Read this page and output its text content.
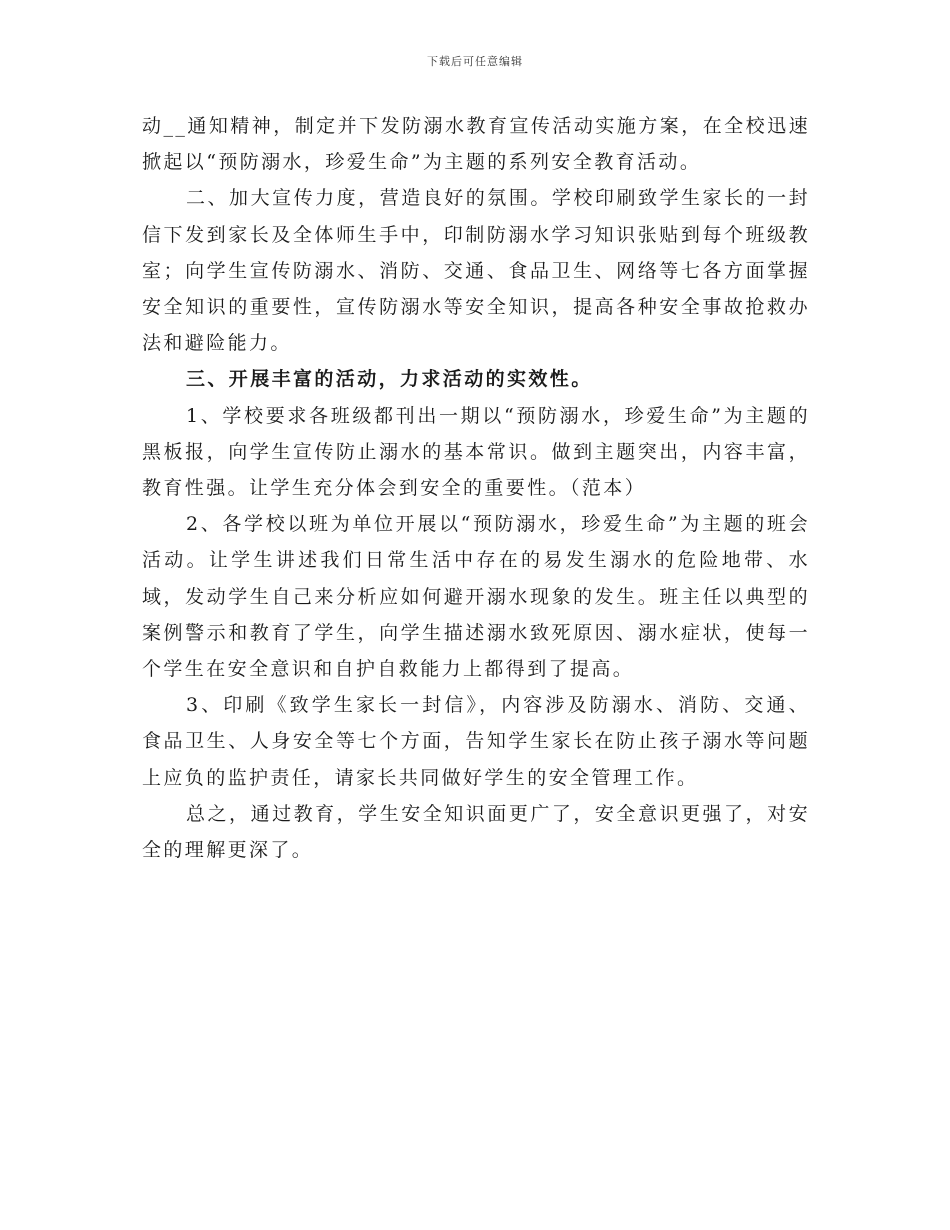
下载后可任意编辑

动__通知精神，制定并下发防溺水教育宣传活动实施方案，在全校迅速掀起以“预防溺水，珍爱生命”为主题的系列安全教育活动。

二、加大宣传力度，营造良好的氛围。学校印刷致学生家长的一封信下发到家长及全体师生手中，印制防溺水学习知识张贴到每个班级教室；向学生宣传防溺水、消防、交通、食品卫生、网络等七各方面掌握安全知识的重要性，宣传防溺水等安全知识，提高各种安全事故抢救办法和避险能力。

三、开展丰富的活动，力求活动的实效性。

1、学校要求各班级都刊出一期以“预防溺水，珍爱生命”为主题的黑板报，向学生宣传防止溺水的基本常识。做到主题突出，内容丰富，教育性强。让学生充分体会到安全的重要性。（范本）

2、各学校以班为单位开展以“预防溺水，珍爱生命”为主题的班会活动。让学生讲述我们日常生活中存在的易发生溺水的危险地带、水域，发动学生自己来分析应如何避开溺水现象的发生。班主任以典型的案例警示和教育了学生，向学生描述溺水致死原因、溺水症状，使每一个学生在安全意识和自护自救能力上都得到了提高。

3、印刷《致学生家长一封信》，内容涉及防溺水、消防、交通、食品卫生、人身安全等七个方面，告知学生家长在防止孩子溺水等问题上应负的监护责任，请家长共同做好学生的安全管理工作。

总之，通过教育，学生安全知识面更广了，安全意识更强了，对安全的理解更深了。
